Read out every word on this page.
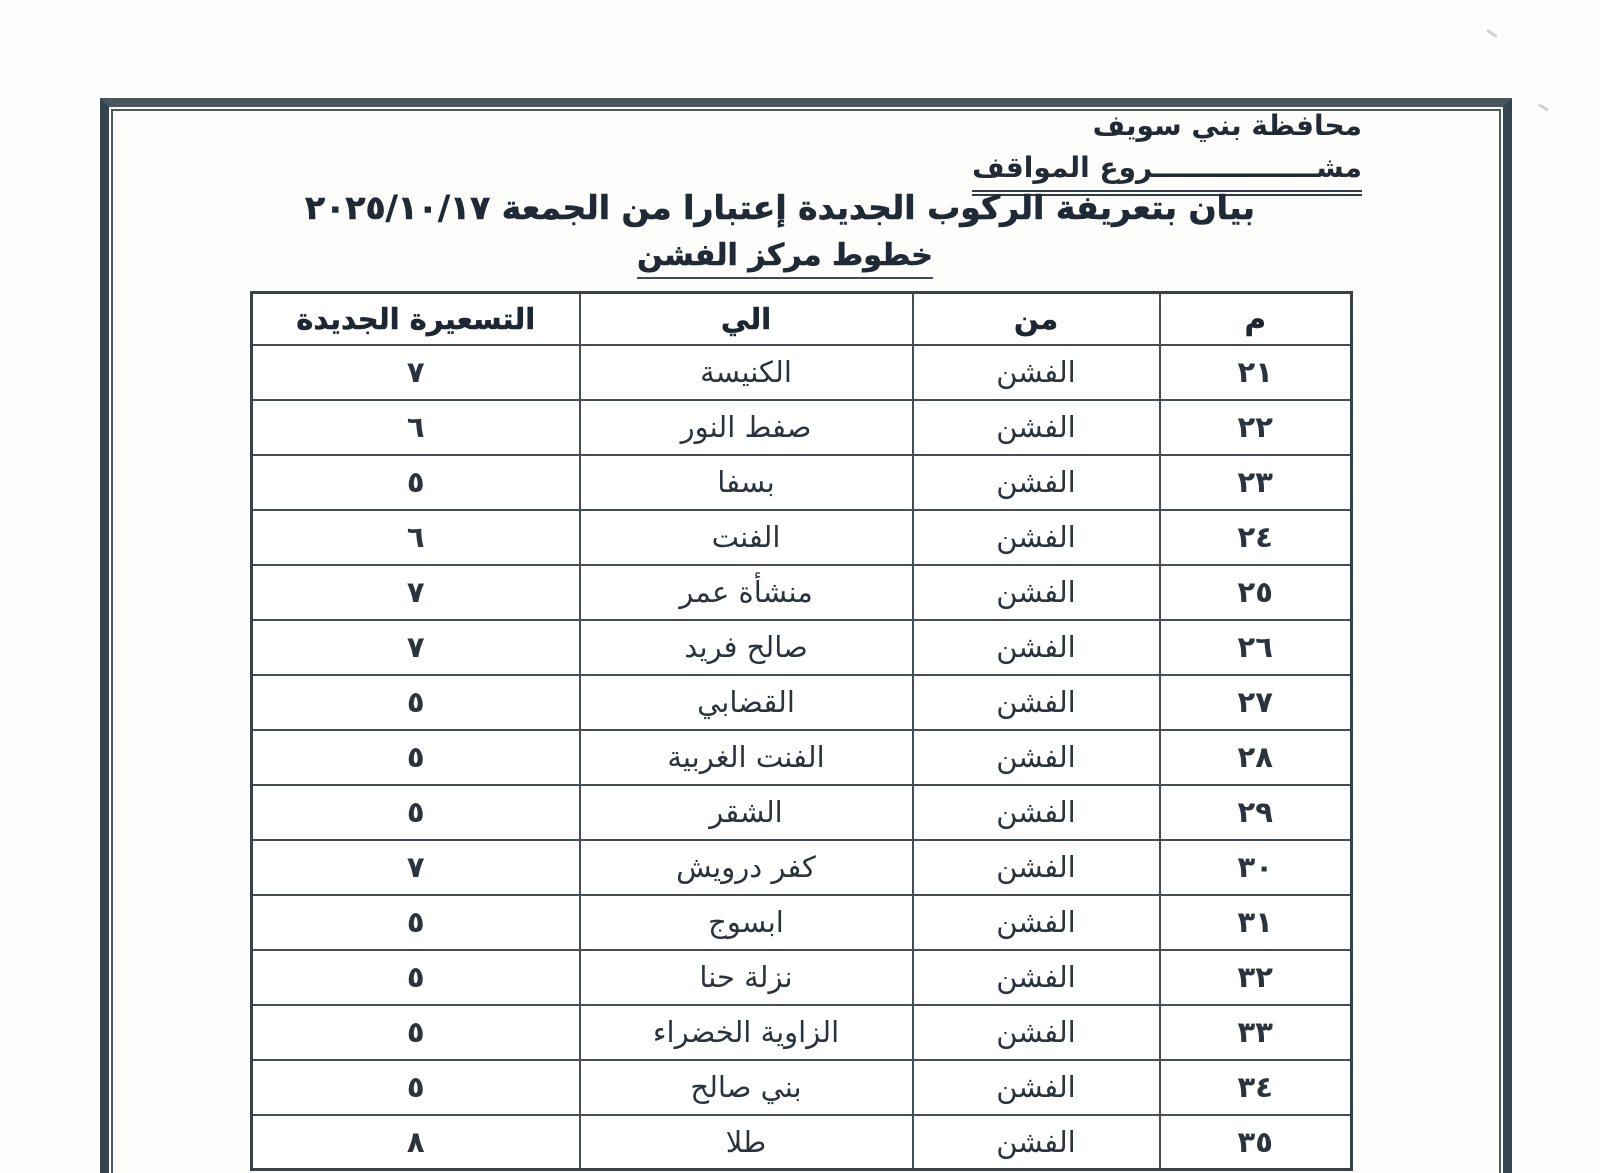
محافظة بني سويف
مشـــــــــــــــــروع المواقف
بيان بتعريفة الركوب الجديدة إعتبارا من الجمعة ٢٠٢٥/١٠/١٧
خطوط مركز الفشن
م	من	الي	التسعيرة الجديدة
٢١	الفشن	الكنيسة	٧
٢٢	الفشن	صفط النور	٦
٢٣	الفشن	بسفا	٥
٢٤	الفشن	الفنت	٦
٢٥	الفشن	منشأة عمر	٧
٢٦	الفشن	صالح فريد	٧
٢٧	الفشن	القضابي	٥
٢٨	الفشن	الفنت الغربية	٥
٢٩	الفشن	الشقر	٥
٣٠	الفشن	كفر درويش	٧
٣١	الفشن	ابسوج	٥
٣٢	الفشن	نزلة حنا	٥
٣٣	الفشن	الزاوية الخضراء	٥
٣٤	الفشن	بني صالح	٥
٣٥	الفشن	طلا	٨
